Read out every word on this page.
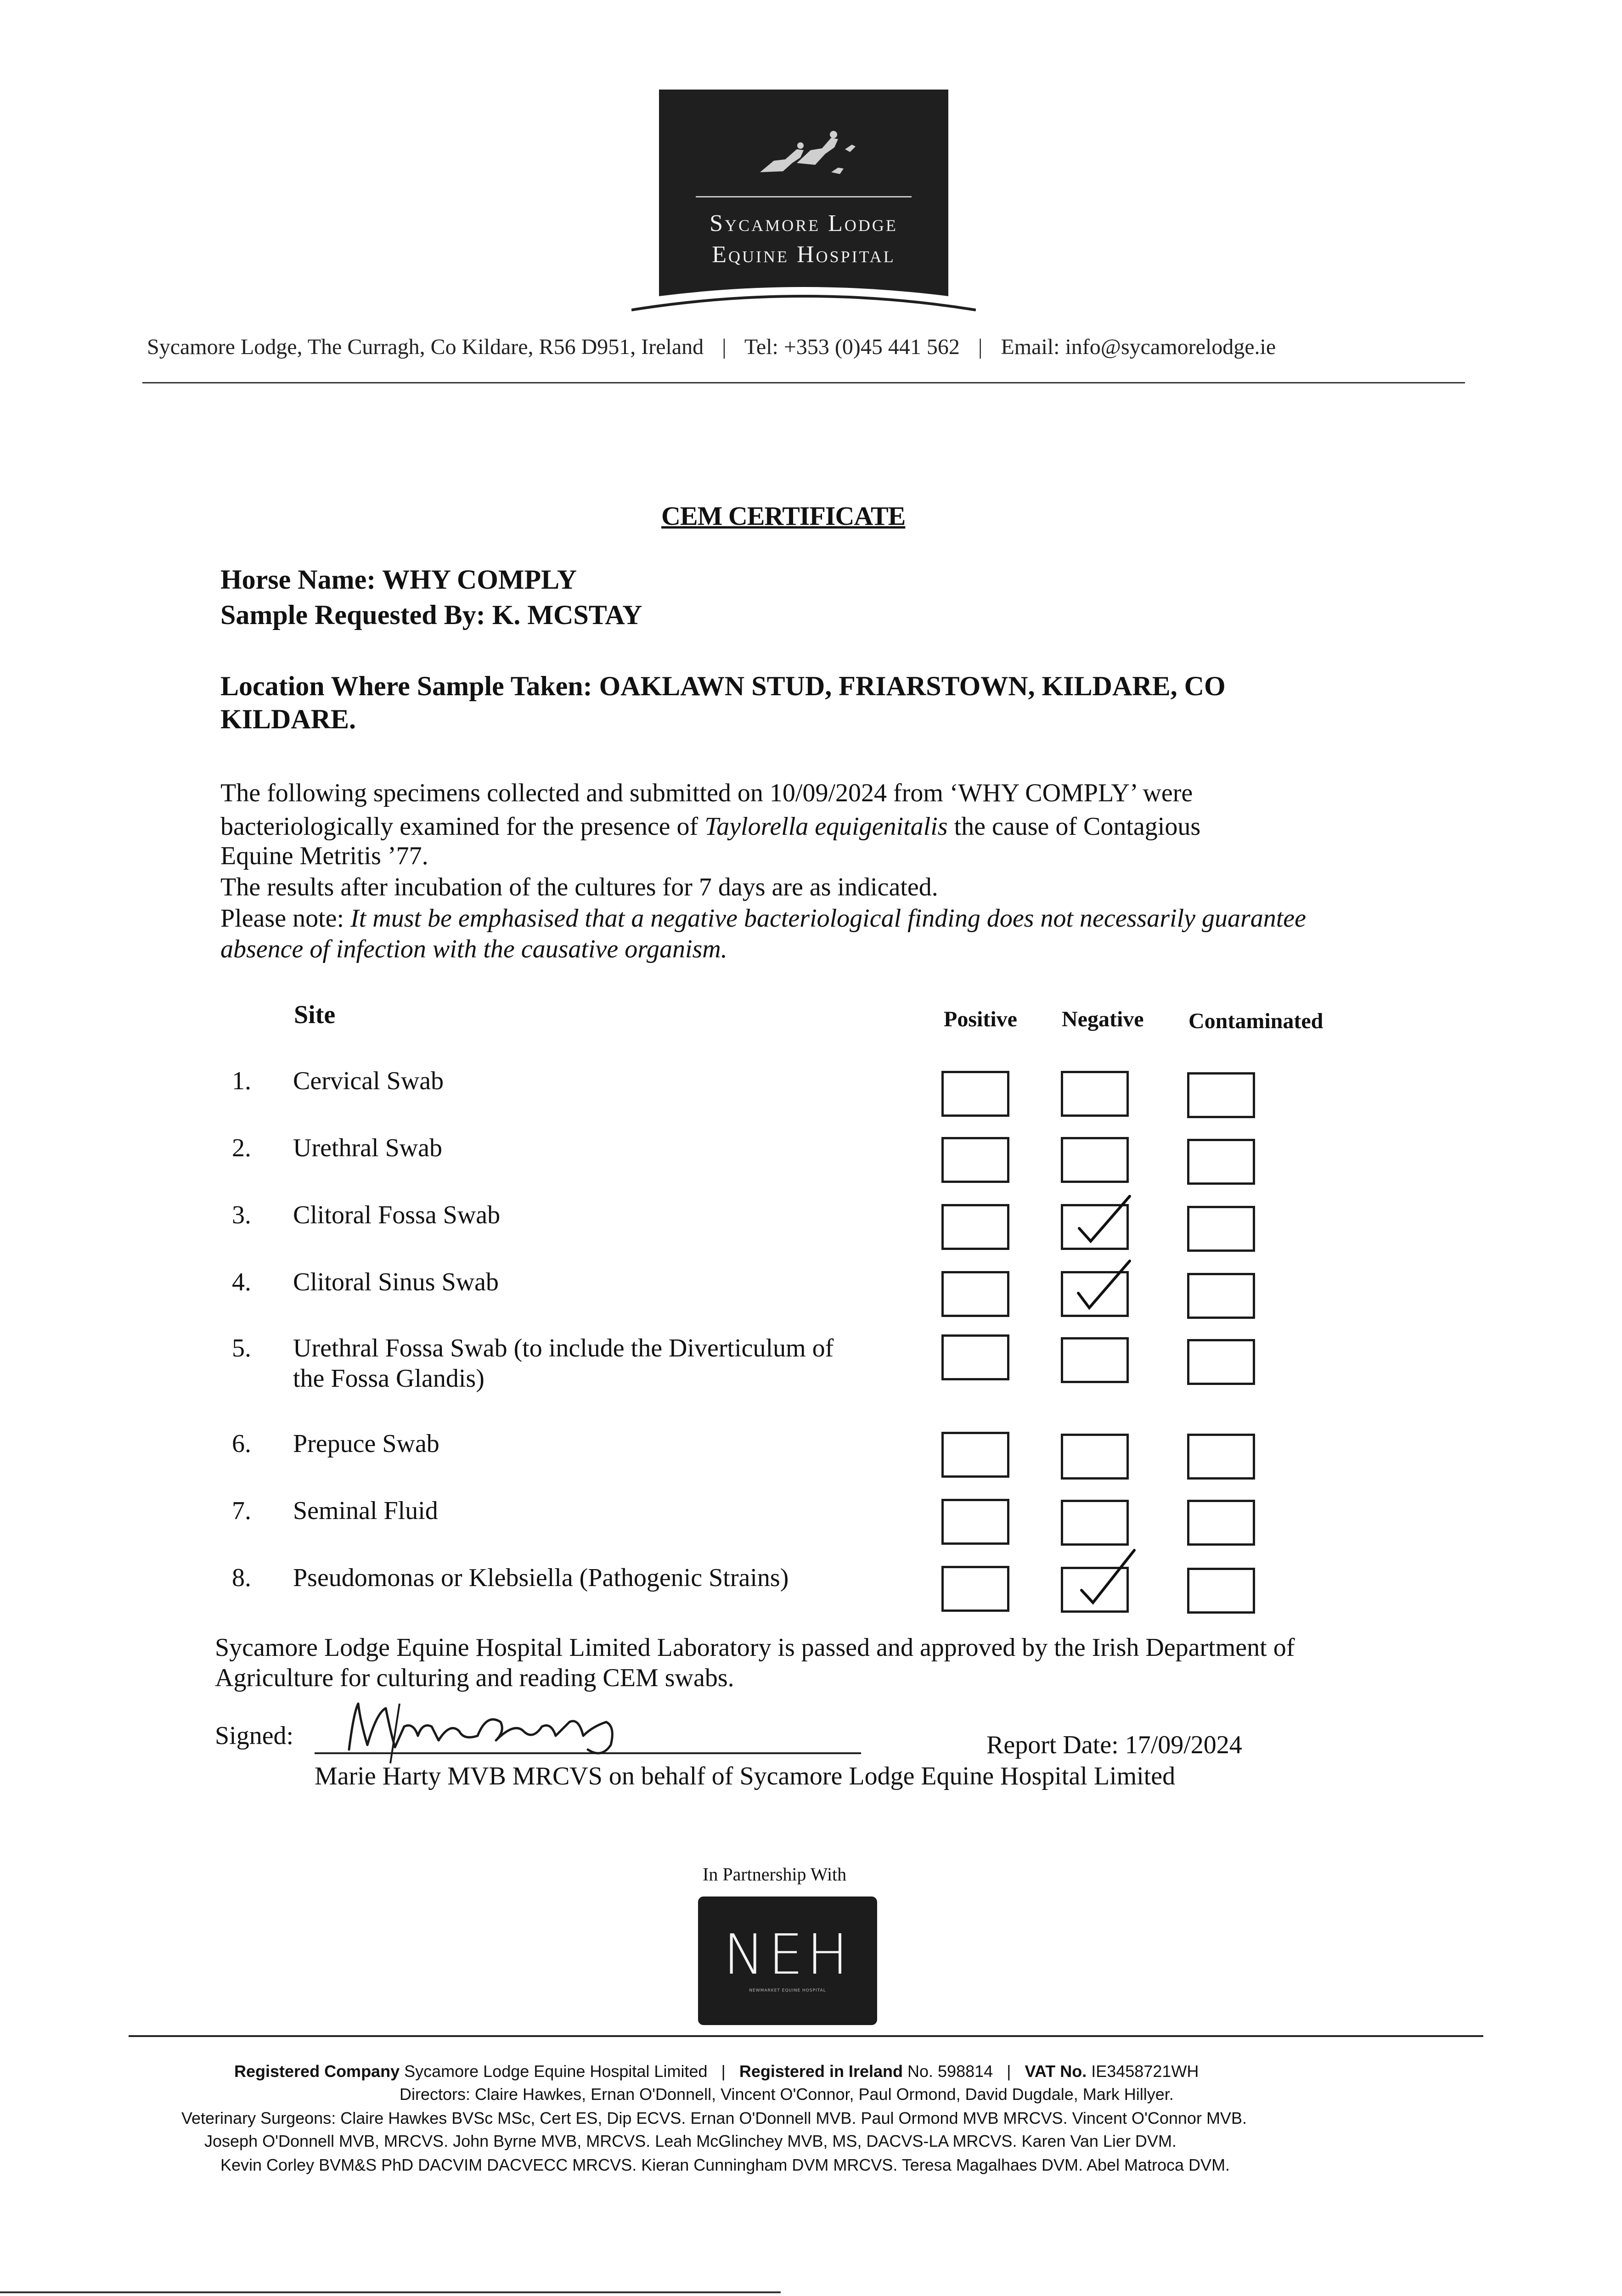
Sycamore Lodge
Equine Hospital
Sycamore Lodge, The Curragh, Co Kildare, R56 D951, Ireland | Tel: +353 (0)45 441 562 | Email: info@sycamorelodge.ie
CEM CERTIFICATE
Horse Name: WHY COMPLY
Sample Requested By: K. MCSTAY
Location Where Sample Taken: OAKLAWN STUD, FRIARSTOWN, KILDARE, CO
KILDARE.
The following specimens collected and submitted on 10/09/2024 from ‘WHY COMPLY’ were
bacteriologically examined for the presence of Taylorella equigenitalis the cause of Contagious
Equine Metritis ’77.
The results after incubation of the cultures for 7 days are as indicated.
Please note: It must be emphasised that a negative bacteriological finding does not necessarily guarantee
absence of infection with the causative organism.
Site	Positive Negative Contaminated
1. Cervical Swab
2. Urethral Swab
3. Clitoral Fossa Swab
4. Clitoral Sinus Swab
5. Urethral Fossa Swab (to include the Diverticulum of
the Fossa Glandis)
6. Prepuce Swab
7. Seminal Fluid
8. Pseudomonas or Klebsiella (Pathogenic Strains)
Sycamore Lodge Equine Hospital Limited Laboratory is passed and approved by the Irish Department of
Agriculture for culturing and reading CEM swabs.
Signed:	Report Date: 17/09/2024
Marie Harty MVB MRCVS on behalf of Sycamore Lodge Equine Hospital Limited
In Partnership With
NEH
NEWMARKET EQUINE HOSPITAL
Registered Company Sycamore Lodge Equine Hospital Limited | Registered in Ireland No. 598814 | VAT No. IE3458721WH
Directors: Claire Hawkes, Ernan O'Donnell, Vincent O'Connor, Paul Ormond, David Dugdale, Mark Hillyer.
Veterinary Surgeons: Claire Hawkes BVSc MSc, Cert ES, Dip ECVS. Ernan O'Donnell MVB. Paul Ormond MVB MRCVS. Vincent O'Connor MVB.
Joseph O'Donnell MVB, MRCVS. John Byrne MVB, MRCVS. Leah McGlinchey MVB, MS, DACVS-LA MRCVS. Karen Van Lier DVM.
Kevin Corley BVM&S PhD DACVIM DACVECC MRCVS. Kieran Cunningham DVM MRCVS. Teresa Magalhaes DVM. Abel Matroca DVM.
